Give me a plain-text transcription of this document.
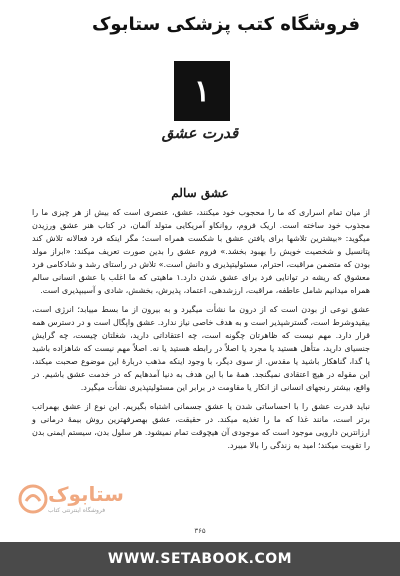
فروشگاه کتب پزشکی ستابوک
۱
قدرت عشق
عشق سالم

از میان تمام اسراری که ما را محجوب خود میکنند، عشق، عنصری است که بیش از هر چیزی ما را مجذوب خود ساخته است. اریک فروم، روانکاو آمریکایی متولد آلمان، در کتاب هنر عشق ورزیدن میگوید: «بیشترین تلاشها برای یافتن عشق با شکست همراه است؛ مگر اینکه فرد فعالانه تلاش کند پتانسیل و شخصیت خویش را بهبود بخشد.» فروم عشق را بدین صورت تعریف میکند: «ابراز مولد بودن که متضمن مراقبت، احترام، مسئولیتپذیری و دانش است.» تلاش در راستای رشد و شادکامی فرد معشوق که ریشه در توانایی فرد برای عشق شدن دارد.۱ ماهیتی که ما اغلب با عشق انسانی سالم همراه میدانیم شامل عاطفه، مراقبت، ارزشدهی، اعتماد، پذیرش، بخشش، شادی و آسیبپذیری است.

عشق نوعی از بودن است که از درون ما نشأت میگیرد و به بیرون از ما بسط مییابد؛ انرژی است، بیقیدوشرط است، گسترشپذیر است و به هدف خاصی نیاز ندارد. عشق واپگال است و در دسترس همه قرار دارد. مهم نیست که ظاهرتان چگونه است، چه اعتقاداتی دارید، شغلتان چیست، چه گرایش جنسیای دارید، متأهل هستید یا مجرد یا اصلاً در رابطه هستید یا نه. اصلاً مهم نیست که شاهزاده باشید یا گدا، گناهکار باشید یا مقدس. از سوی دیگر، با وجود اینکه مذهب دربارهٔ این موضوع صحبت میکند، این مقوله در هیچ اعتقادی نمیگنجد. همهٔ ما با این هدف به دنیا آمدهایم که در خدمت عشق باشیم. در واقع، بیشتر رنجهای انسانی از انکار یا مقاومت در برابر این مسئولیتپذیری نشأت میگیرد.

نباید قدرت عشق را با احساساتی شدن یا عشق جسمانی اشتباه بگیریم. این نوع از عشق بهمراتب برتر است، مانند غذا که ما را تغذیه میکند. در حقیقت، عشق بهصرفهترین روش بیمهٔ درمانی و ارزانترین دارویی موجود است که موجودی آن هیچوقت تمام نمیشود. هر سلول بدن، سیستم ایمنی بدن را تقویت میکند؛ امید به زندگی را بالا میبرد.

ستابوک
فروشگاه اینترنتی کتاب
۳۶۵
WWW.SETABOOK.COM
